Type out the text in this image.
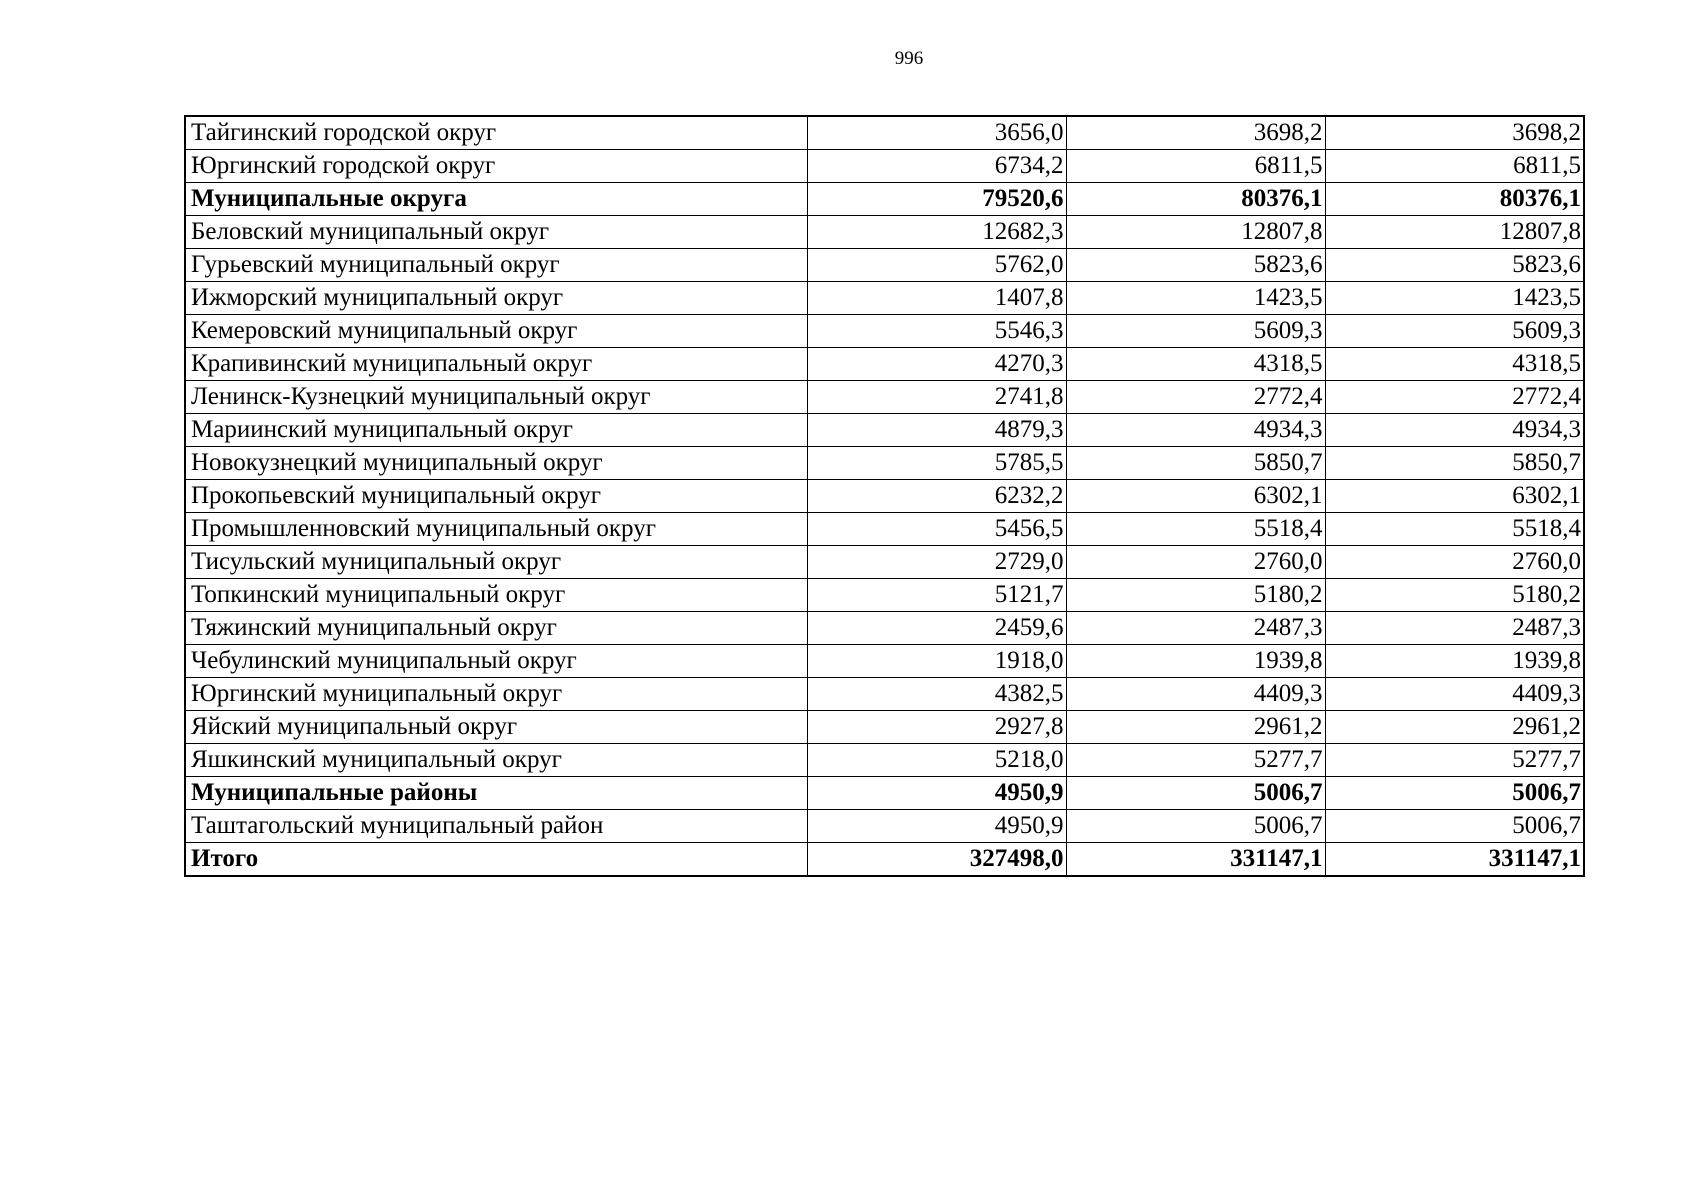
996
Тайгинский городской округ	3656,0	3698,2	3698,2
Юргинский городской округ	6734,2	6811,5	6811,5
Муниципальные округа	79520,6	80376,1	80376,1
Беловский муниципальный округ	12682,3	12807,8	12807,8
Гурьевский муниципальный округ	5762,0	5823,6	5823,6
Ижморский муниципальный округ	1407,8	1423,5	1423,5
Кемеровский муниципальный округ	5546,3	5609,3	5609,3
Крапивинский муниципальный округ	4270,3	4318,5	4318,5
Ленинск-Кузнецкий муниципальный округ	2741,8	2772,4	2772,4
Мариинский муниципальный округ	4879,3	4934,3	4934,3
Новокузнецкий муниципальный округ	5785,5	5850,7	5850,7
Прокопьевский муниципальный округ	6232,2	6302,1	6302,1
Промышленновский муниципальный округ	5456,5	5518,4	5518,4
Тисульский муниципальный округ	2729,0	2760,0	2760,0
Топкинский муниципальный округ	5121,7	5180,2	5180,2
Тяжинский муниципальный округ	2459,6	2487,3	2487,3
Чебулинский муниципальный округ	1918,0	1939,8	1939,8
Юргинский муниципальный округ	4382,5	4409,3	4409,3
Яйский муниципальный округ	2927,8	2961,2	2961,2
Яшкинский муниципальный округ	5218,0	5277,7	5277,7
Муниципальные районы	4950,9	5006,7	5006,7
Таштагольский муниципальный район	4950,9	5006,7	5006,7
Итого	327498,0	331147,1	331147,1
